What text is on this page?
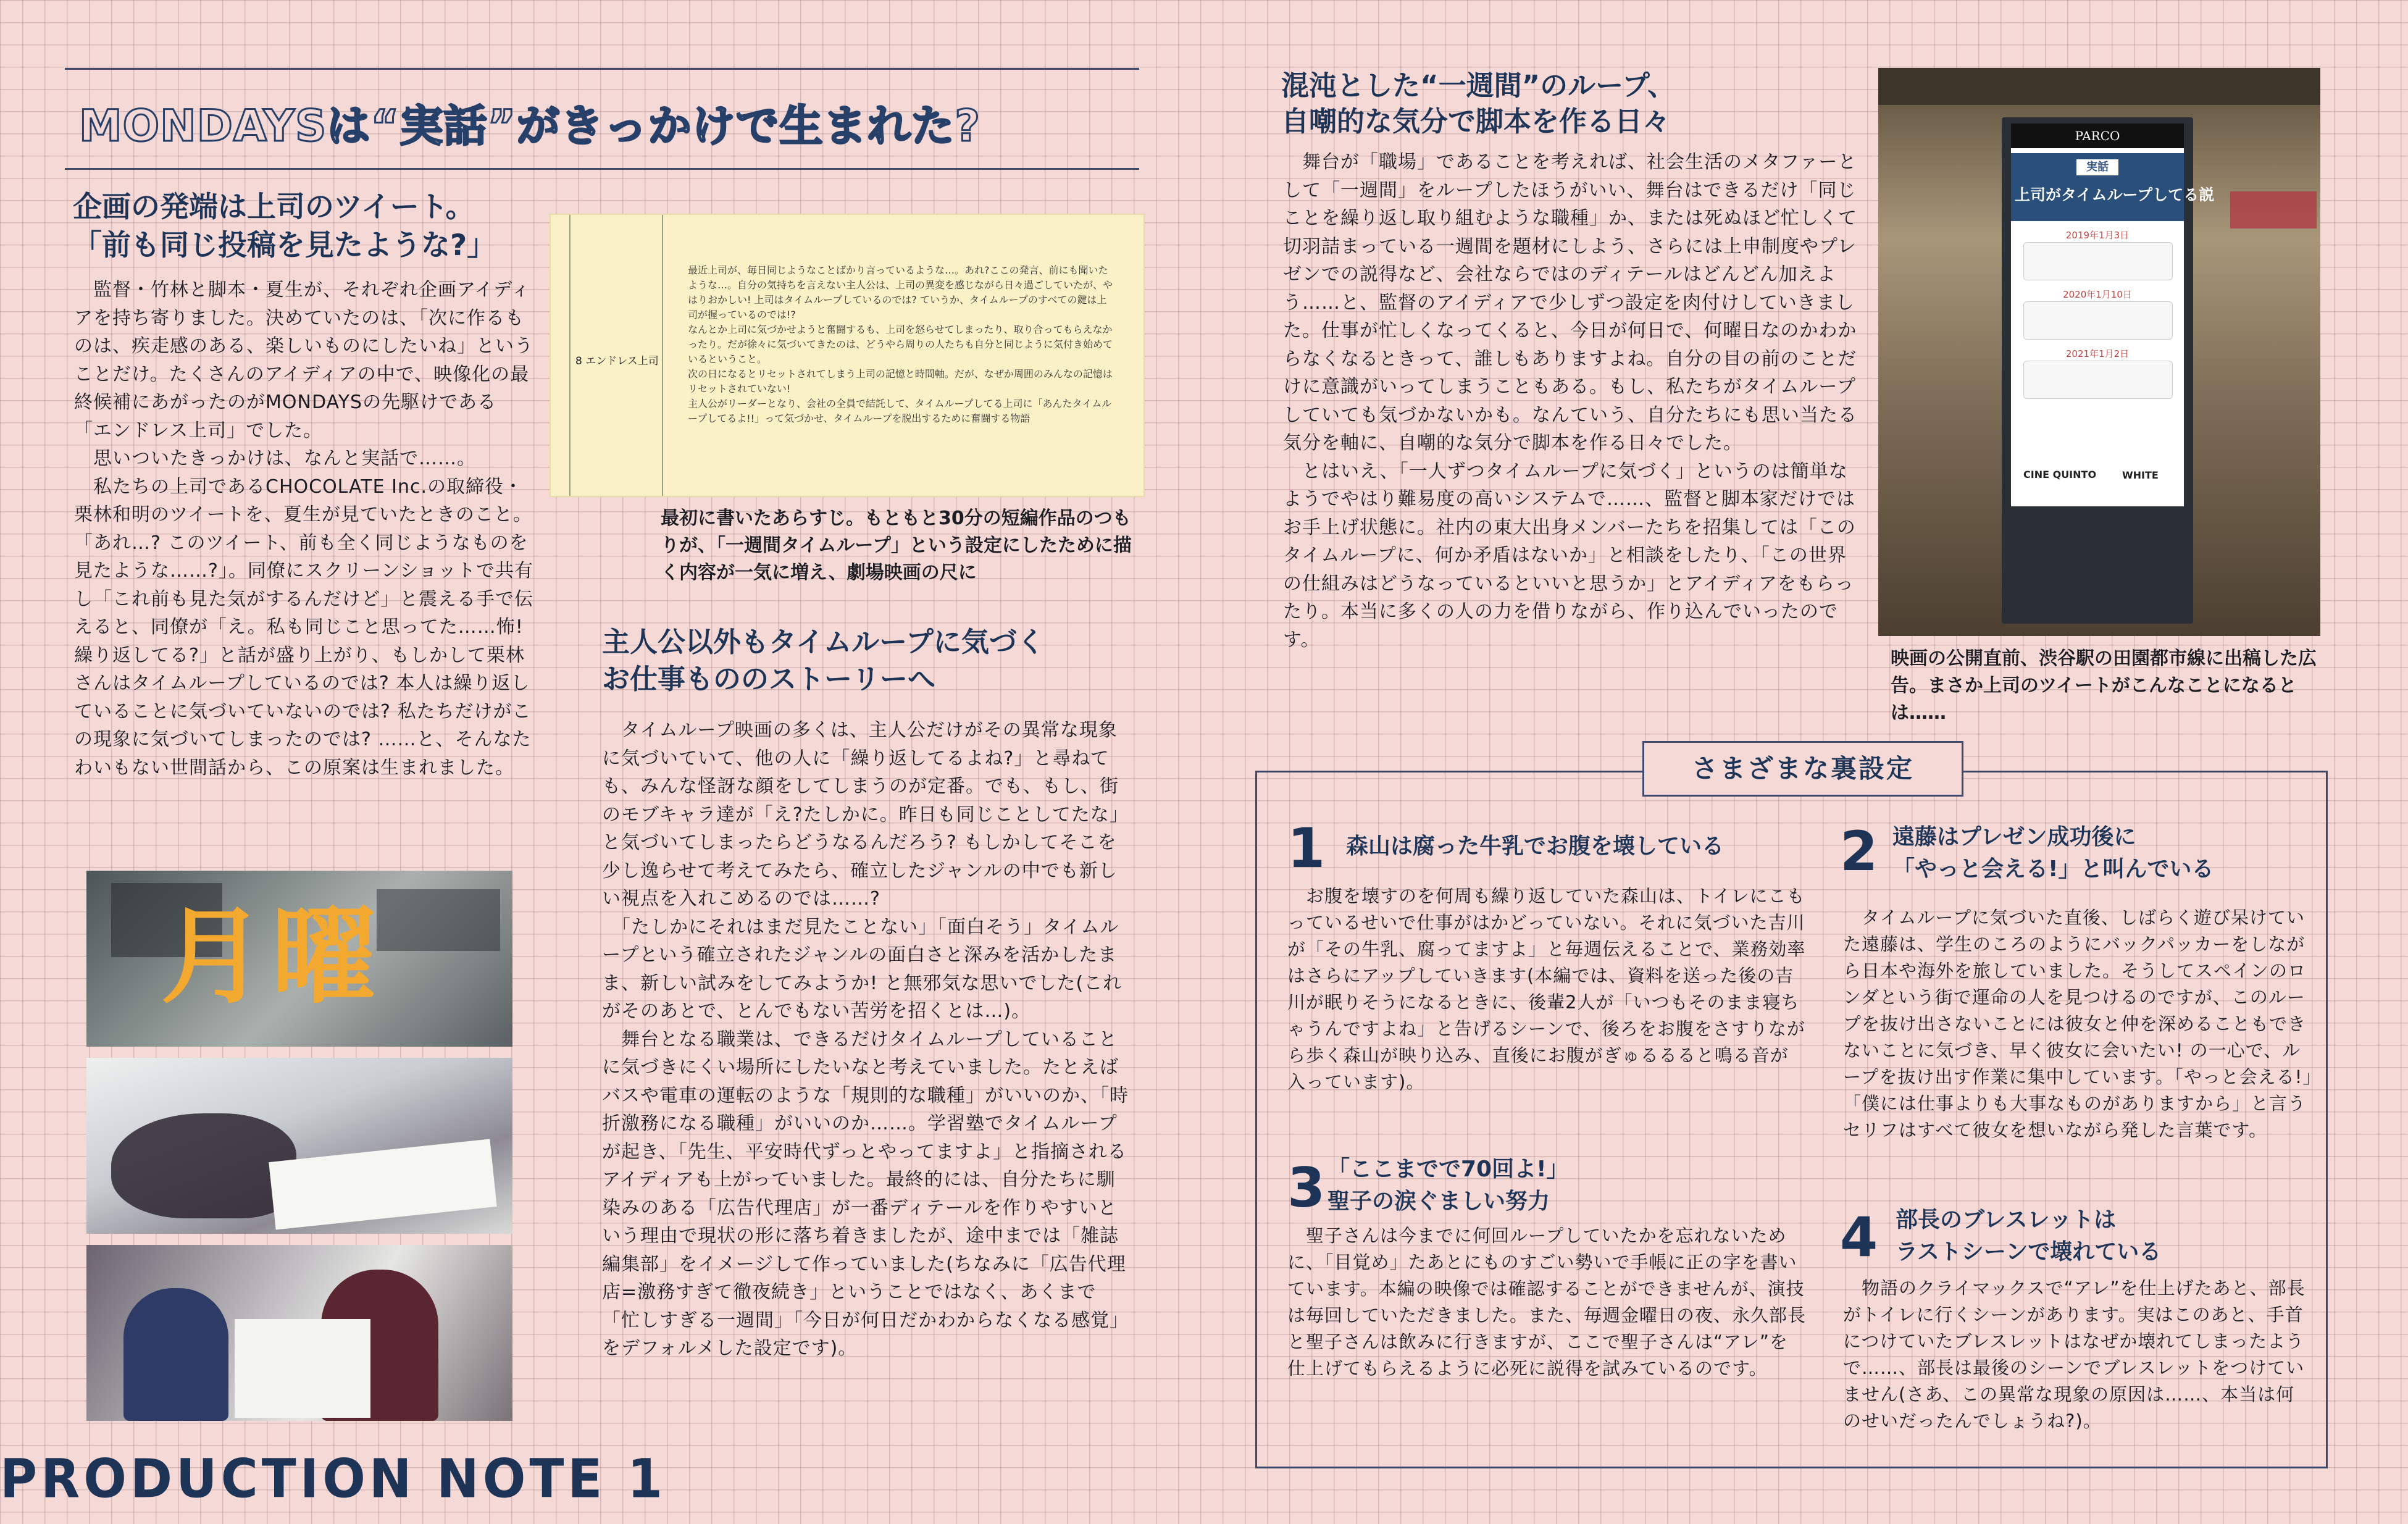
MONDAYSは“実話”がきっかけで生まれた?
企画の発端は上司のツイート。
「前も同じ投稿を見たような?」
　監督・竹林と脚本・夏生が、それぞれ企画アイディアを持ち寄りました。決めていたのは、「次に作るものは、疾走感のある、楽しいものにしたいね」ということだけ。たくさんのアイディアの中で、映像化の最終候補にあがったのがMONDAYSの先駆けである「エンドレス上司」でした。
　思いついたきっかけは、なんと実話で……。
　私たちの上司であるCHOCOLATE Inc.の取締役・栗林和明のツイートを、夏生が見ていたときのこと。「あれ…? このツイート、前も全く同じようなものを見たような……?」。同僚にスクリーンショットで共有し「これ前も見た気がするんだけど」と震える手で伝えると、同僚が「え。私も同じこと思ってた……怖! 繰り返してる?」と話が盛り上がり、もしかして栗林さんはタイムループしているのでは? 本人は繰り返していることに気づいていないのでは? 私たちだけがこの現象に気づいてしまったのでは? ……と、そんなたわいもない世間話から、この原案は生まれました。
8 エンドレス上司
最近上司が、毎日同じようなことばかり言っているような…。あれ?ここの発言、前にも聞いたような…。自分の気持ちを言えない主人公は、上司の異変を感じながら日々過ごしていたが、やはりおかしい! 上司はタイムループしているのでは? ていうか、タイムループのすべての鍵は上司が握っているのでは!?
なんとか上司に気づかせようと奮闘するも、上司を怒らせてしまったり、取り合ってもらえなかったり。だが徐々に気づいてきたのは、どうやら周りの人たちも自分と同じように気付き始めているということ。
次の日になるとリセットされてしまう上司の記憶と時間軸。だが、なぜか周囲のみんなの記憶はリセットされていない!
主人公がリーダーとなり、会社の全員で結託して、タイムループしてる上司に「あんたタイムループしてるよ!!」って気づかせ、タイムループを脱出するために奮闘する物語
最初に書いたあらすじ。もともと30分の短編作品のつもりが、「一週間タイムループ」という設定にしたために描く内容が一気に増え、劇場映画の尺に
月曜
PRODUCTION NOTE 1
主人公以外もタイムループに気づく
お仕事もののストーリーへ
　タイムループ映画の多くは、主人公だけがその異常な現象に気づいていて、他の人に「繰り返してるよね?」と尋ねても、みんな怪訝な顔をしてしまうのが定番。でも、もし、街のモブキャラ達が「え?たしかに。昨日も同じことしてたな」と気づいてしまったらどうなるんだろう? もしかしてそこを少し逸らせて考えてみたら、確立したジャンルの中でも新しい視点を入れこめるのでは……?
　「たしかにそれはまだ見たことない」「面白そう」タイムループという確立されたジャンルの面白さと深みを活かしたまま、新しい試みをしてみようか! と無邪気な思いでした(これがそのあとで、とんでもない苦労を招くとは…)。
　舞台となる職業は、できるだけタイムループしていることに気づきにくい場所にしたいなと考えていました。たとえばバスや電車の運転のような「規則的な職種」がいいのか、「時折激務になる職種」がいいのか……。学習塾でタイムループが起き、「先生、平安時代ずっとやってますよ」と指摘されるアイディアも上がっていました。最終的には、自分たちに馴染みのある「広告代理店」が一番ディテールを作りやすいという理由で現状の形に落ち着きましたが、途中までは「雑誌編集部」をイメージして作っていました(ちなみに「広告代理店=激務すぎて徹夜続き」ということではなく、あくまで「忙しすぎる一週間」「今日が何日だかわからなくなる感覚」をデフォルメした設定です)。
混沌とした“一週間”のループ、
自嘲的な気分で脚本を作る日々
　舞台が「職場」であることを考えれば、社会生活のメタファーとして「一週間」をループしたほうがいい、舞台はできるだけ「同じことを繰り返し取り組むような職種」か、または死ぬほど忙しくて切羽詰まっている一週間を題材にしよう、さらには上申制度やプレゼンでの説得など、会社ならではのディテールはどんどん加えよう……と、監督のアイディアで少しずつ設定を肉付けしていきました。仕事が忙しくなってくると、今日が何日で、何曜日なのかわからなくなるときって、誰しもありますよね。自分の目の前のことだけに意識がいってしまうこともある。もし、私たちがタイムループしていても気づかないかも。なんていう、自分たちにも思い当たる気分を軸に、自嘲的な気分で脚本を作る日々でした。
　とはいえ、「一人ずつタイムループに気づく」というのは簡単なようでやはり難易度の高いシステムで……、監督と脚本家だけではお手上げ状態に。社内の東大出身メンバーたちを招集しては「このタイムループに、何か矛盾はないか」と相談をしたり、「この世界の仕組みはどうなっているといいと思うか」とアイディアをもらったり。本当に多くの人の力を借りながら、作り込んでいったのです。
PARCO
実話
上司がタイムループしてる説
2019年1月3日
2020年1月10日
2021年1月2日
CINE QUINTO	WHITE
映画の公開直前、渋谷駅の田園都市線に出稿した広告。まさか上司のツイートがこんなことになるとは……
さまざまな裏設定
1 森山は腐った牛乳でお腹を壊している
　お腹を壊すのを何周も繰り返していた森山は、トイレにこもっているせいで仕事がはかどっていない。それに気づいた吉川が「その牛乳、腐ってますよ」と毎週伝えることで、業務効率はさらにアップしていきます(本編では、資料を送った後の吉川が眠りそうになるときに、後輩2人が「いつもそのまま寝ちゃうんですよね」と告げるシーンで、後ろをお腹をさすりながら歩く森山が映り込み、直後にお腹がぎゅるるると鳴る音が入っています)。
3 「ここまでで70回よ!」
聖子の涙ぐましい努力
　聖子さんは今までに何回ループしていたかを忘れないために、「目覚め」たあとにものすごい勢いで手帳に正の字を書いています。本編の映像では確認することができませんが、演技は毎回していただきました。また、毎週金曜日の夜、永久部長と聖子さんは飲みに行きますが、ここで聖子さんは“アレ”を仕上げてもらえるように必死に説得を試みているのです。
2 遠藤はプレゼン成功後に
「やっと会える!」と叫んでいる
　タイムループに気づいた直後、しばらく遊び呆けていた遠藤は、学生のころのようにバックパッカーをしながら日本や海外を旅していました。そうしてスペインのロンダという街で運命の人を見つけるのですが、このループを抜け出さないことには彼女と仲を深めることもできないことに気づき、早く彼女に会いたい! の一心で、ループを抜け出す作業に集中しています。「やっと会える!」「僕には仕事よりも大事なものがありますから」と言うセリフはすべて彼女を想いながら発した言葉です。
4 部長のブレスレットは
ラストシーンで壊れている
　物語のクライマックスで“アレ”を仕上げたあと、部長がトイレに行くシーンがあります。実はこのあと、手首につけていたブレスレットはなぜか壊れてしまったようで……、部長は最後のシーンでブレスレットをつけていません(さあ、この異常な現象の原因は……、本当は何のせいだったんでしょうね?)。
